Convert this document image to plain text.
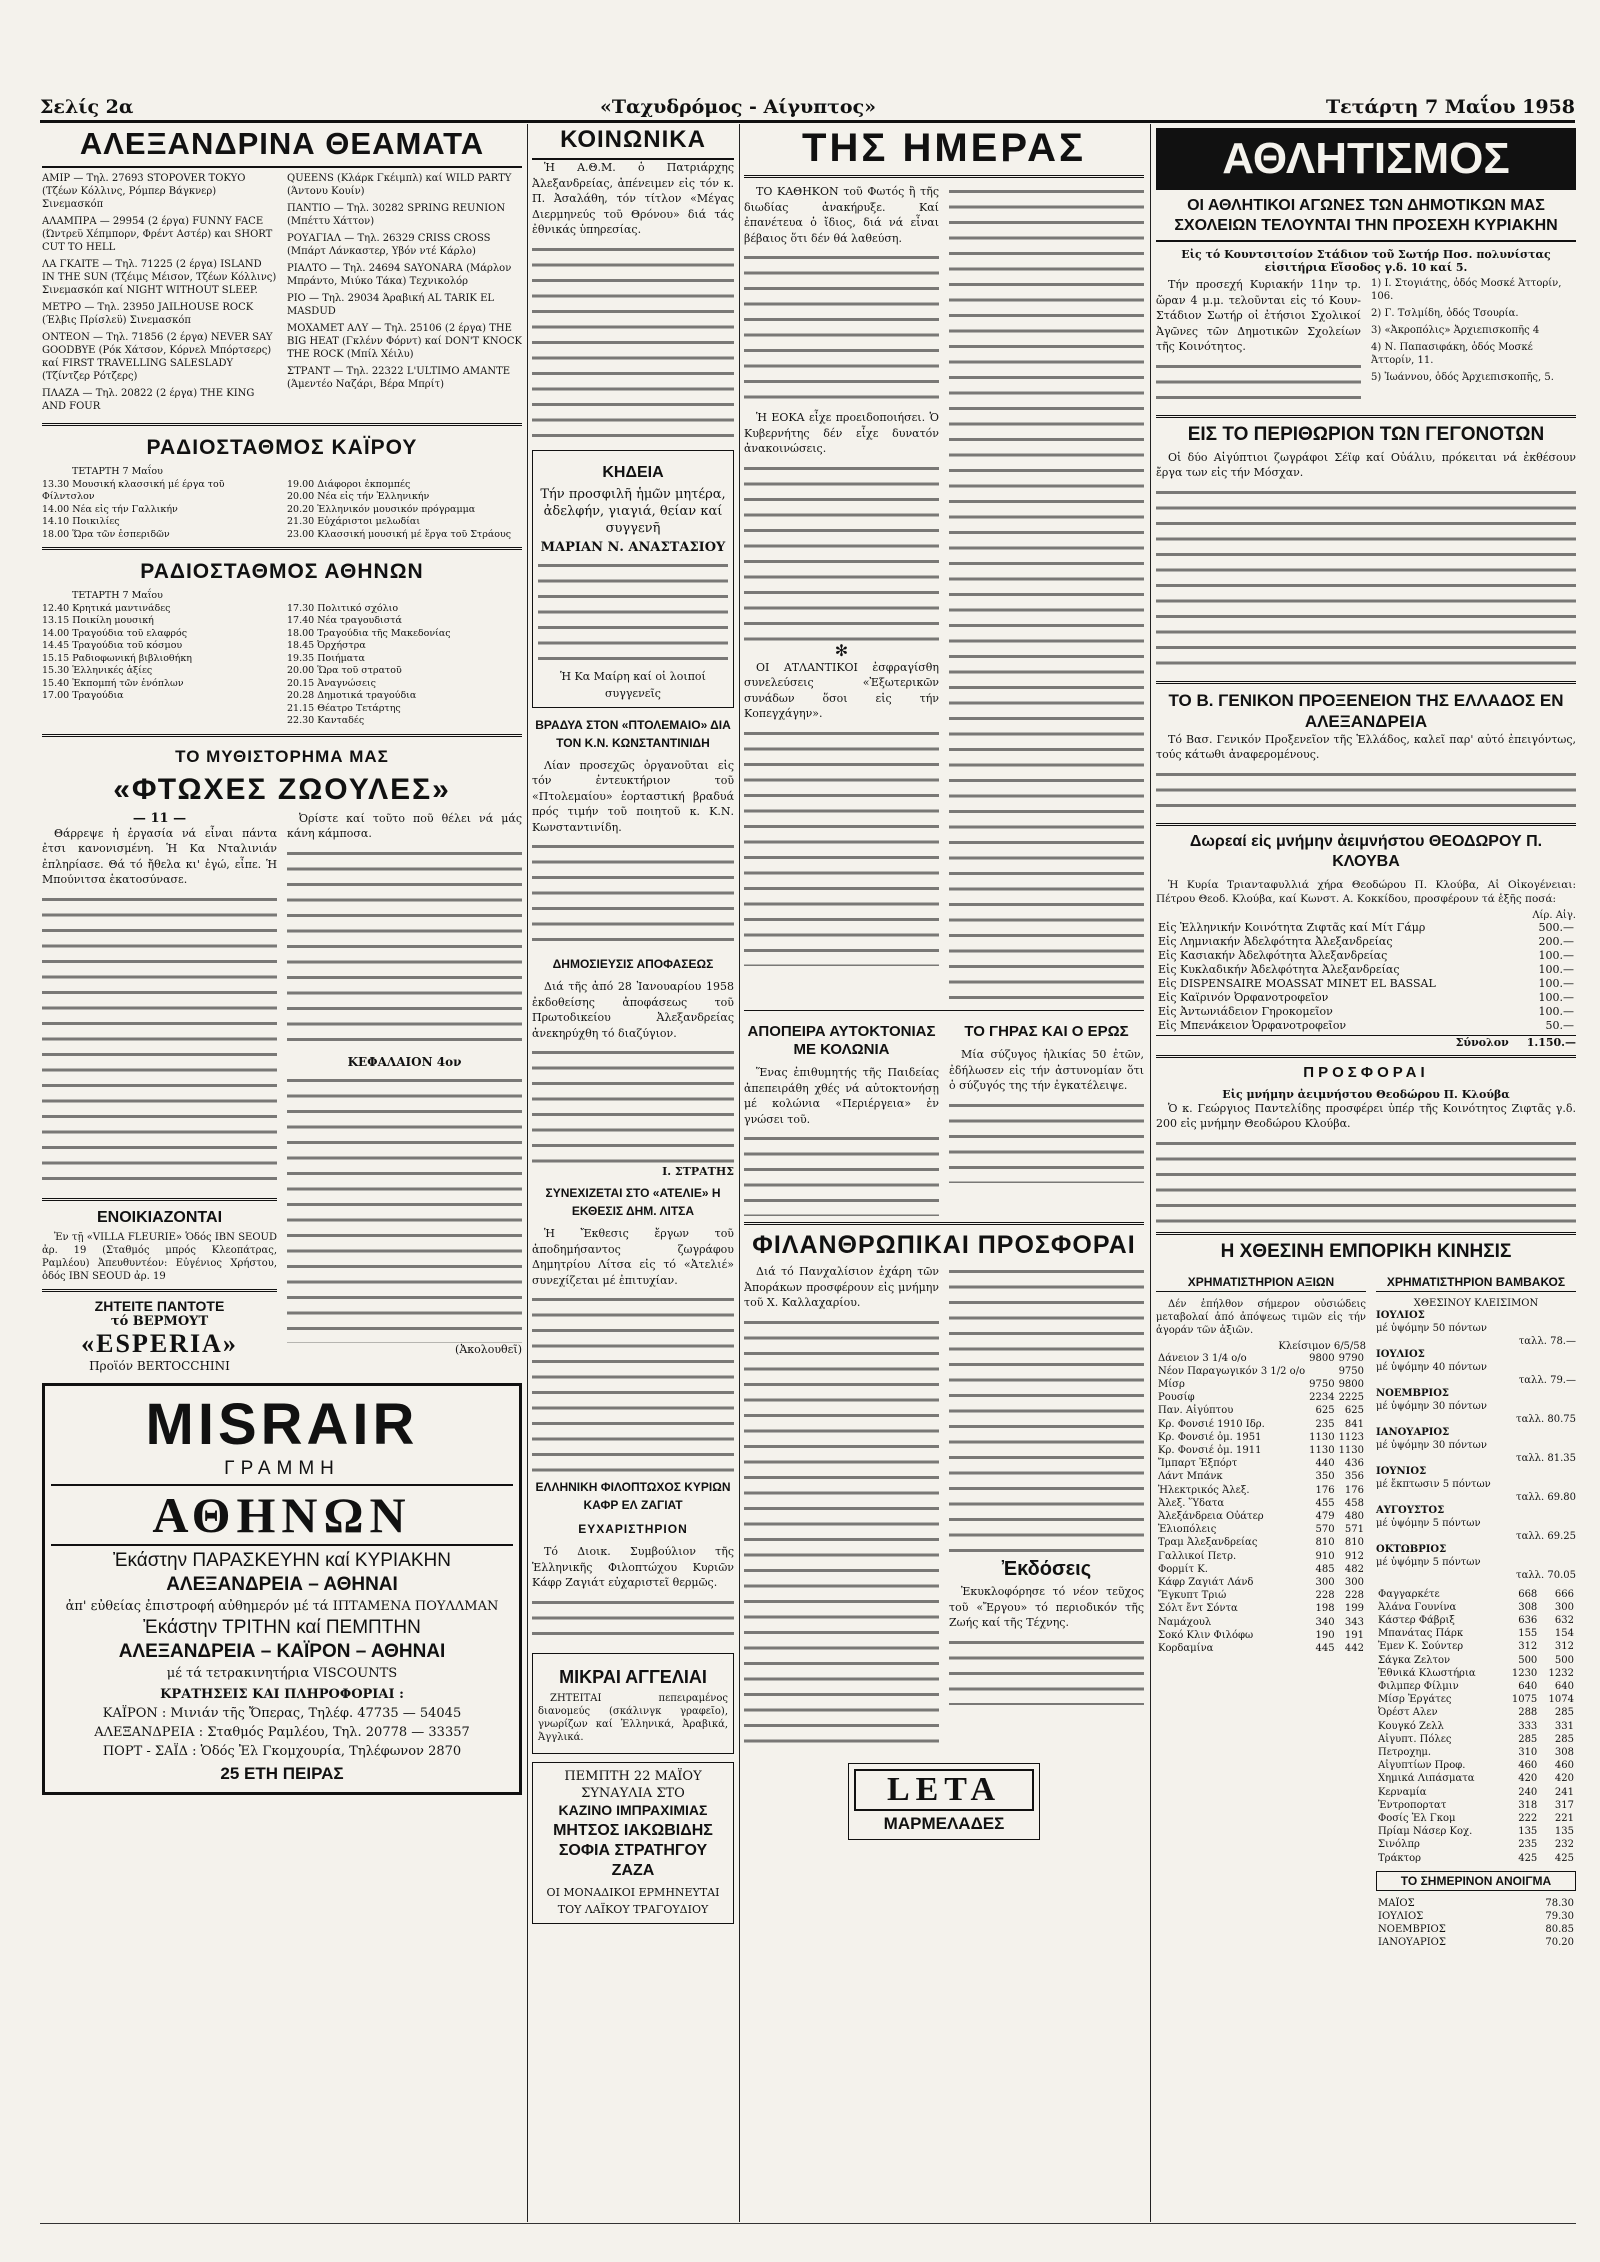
Σελίς 2α	«Ταχυδρόμος - Αίγυπτος»	Τετάρτη 7 Μαΐου 1958
ΑΛΕΞΑΝΔΡΙΝΑ ΘΕΑΜΑΤΑ
ΑΜΙΡ — Τηλ. 27693 STOPOVER TOKYO (Τζέων Κόλλινς, Ρόμπερ Βάγκνερ) Σινεμασκόπ
ΑΛΑΜΠΡΑ — 29954 (2 έργα) FUNNY FACE (Ώντρεϋ Χέπμπορν, Φρέντ Αστέρ) και SHORT CUT TO HELL
ΛΑ ΓΚΑΙΤΕ — Τηλ. 71225 (2 έργα) ISLAND IN THE SUN (Τζέιμς Μέισον, Τζέων Κόλλινς) Σινεμασκόπ καί NIGHT WITHOUT SLEEP.
ΜΕΤΡΟ — Τηλ. 23950 JAILHOUSE ROCK (Έλβις Πρίσλεϋ) Σινεμασκόπ
ΟΝΤΕΟΝ — Τηλ. 71856 (2 έργα) NEVER SAY GOODBYE (Ρόκ Χάτσον, Κόρνελ Μπόρτσερς) καί FIRST TRAVELLING SALESLADY (Τζίντζερ Ρότζερς)
ΠΛΑΖΑ — Τηλ. 20822 (2 έργα) THE KING AND FOUR
QUEENS (Κλάρκ Γκέιμπλ) καί WILD PARTY (Άντονυ Κουίν)
ΠΑΝΤΙΟ — Τηλ. 30282 SPRING REUNION (Μπέττυ Χάττον)
ΡΟΥΑΓΙΑΛ — Τηλ. 26329 CRISS CROSS (Μπάρτ Λάνκαστερ, Υβόν ντέ Κάρλο)
ΡΙΑΛΤΟ — Τηλ. 24694 SAYONARA (Μάρλον Μπράντο, Μιύκο Τάκα) Τεχνικολόρ
ΡΙΟ — Τηλ. 29034 Άραβική AL TARIK EL MASDUD
ΜΟΧΑΜΕΤ ΑΛΥ — Τηλ. 25106 (2 έργα) THE BIG HEAT (Γκλένν Φόρντ) καί DON'T KNOCK THE ROCK (Μπίλ Χέιλυ)
ΣΤΡΑΝΤ — Τηλ. 22322 L'ULTIMO AMANTE (Άμεντέο Ναζάρι, Βέρα Μπρίτ)
ΡΑΔΙΟΣΤΑΘΜΟΣ ΚΑΪΡΟΥ
ΤΕΤΑΡΤΗ 7 Μαΐου
13.30 Μουσική κλασσική μέ έργα τοῦ Φίλντσλον
14.00 Νέα εἰς τήν Γαλλικήν
14.10 Ποικιλίες
18.00 Ὥρα τῶν ἐσπεριδῶν
19.00 Διάφοροι ἐκπομπές
20.00 Νέα εἰς τήν Ἑλληνικήν
20.20 Ἑλληνικόν μουσικόν πρόγραμμα
21.30 Εὐχάριστοι μελωδίαι
23.00 Κλασσική μουσική μέ ἔργα τοῦ Στράους
ΡΑΔΙΟΣΤΑΘΜΟΣ ΑΘΗΝΩΝ
ΤΕΤΑΡΤΗ 7 Μαΐου
12.40 Κρητικά μαντινάδες
13.15 Ποικίλη μουσική
14.00 Τραγούδια τοῦ ελαφρός
14.45 Τραγούδια τοῦ κόσμου
15.15 Ραδιοφωνική βιβλιοθήκη
15.30 Ἑλληνικές ἀξίες
15.40 Ἐκπομπή τῶν ἐνόπλων
17.00 Τραγούδια
17.30 Πολιτικό σχόλιο
17.40 Νέα τραγουδιστά
18.00 Τραγούδια τῆς Μακεδονίας
18.45 Ὀρχήστρα
19.35 Ποιήματα
20.00 Ὥρα τοῦ στρατοῦ
20.15 Ἀναγνώσεις
20.28 Δημοτικά τραγούδια
21.15 Θέατρο Τετάρτης
22.30 Κανταδές
ΤΟ ΜΥΘΙΣΤΟΡΗΜΑ ΜΑΣ
«ΦΤΩΧΕΣ ΖΩΟΥΛΕΣ»
— 11 —

Θάρρεψε ἡ ἐργασία νά εἶναι πάντα ἐτσι κανονισμένη. Ἡ Κα Νταλινιάν ἐπληρίασε. Θά τό ἤθελα κι' ἐγώ, εἶπε. Ἡ Μπούνιτσα ἑκατοσύνασε.

ΕΝΟΙΚΙΑΖΟΝΤΑΙ

Ἐν τῇ «VILLA FLEURIE» Ὁδός ΙΒΝ SEOUD ἀρ. 19 (Σταθμός μπρός Κλεοπάτρας, Ραμλέου) Ἀπευθυντέον: Εὐγένιος Χρήστου, ὁδός ΙΒΝ SEOUD ἀρ. 19

ΖΗΤΕΙΤΕ ΠΑΝΤΟΤΕ
τό ΒΕΡΜΟΥΤ
«ESPERIA»
Προϊόν BERTOCCHINI

Ὀρίστε καί τοῦτο ποῦ θέλει νά μάς κάνη κάμποσα.

ΚΕΦΑΛΑΙΟΝ 4ον
(Ἀκολουθεῖ)
MISRAIR
ΓΡΑΜΜΗ
ΑΘΗΝΩΝ
Ἐκάστην ΠΑΡΑΣΚΕΥΗΝ καί ΚΥΡΙΑΚΗΝ
ΑΛΕΞΑΝΔΡΕΙΑ – ΑΘΗΝΑΙ
ἀπ' εὐθείας ἐπιστροφή αὐθημερόν μέ τά ΙΠΤΑΜΕΝΑ ΠΟΥΛΛΜΑΝ
Ἐκάστην ΤΡΙΤΗΝ καί ΠΕΜΠΤΗΝ
ΑΛΕΞΑΝΔΡΕΙΑ – ΚΑΪΡΟΝ – ΑΘΗΝΑΙ
μέ τά τετρακινητήρια VISCOUNTS
ΚΡΑΤΗΣΕΙΣ ΚΑΙ ΠΛΗΡΟΦΟΡΙΑΙ :
ΚΑΪΡΟΝ : Μινιάν τῆς Ὄπερας, Τηλέφ. 47735 — 54045
ΑΛΕΞΑΝΔΡΕΙΑ : Σταθμός Ραμλέου, Τηλ. 20778 — 33357
ΠΟΡΤ - ΣΑΪΔ : Ὁδός Ἐλ Γκομχουρία, Τηλέφωνον 2870
25 ΕΤΗ ΠΕΙΡΑΣ
ΚΟΙΝΩΝΙΚΑ

Ἡ Α.Θ.Μ. ὁ Πατριάρχης Ἀλεξανδρείας, ἀπένειμεν εἰς τόν κ. Π. Ἀσαλάθη, τόν τίτλον «Μέγας Διερμηνεύς τοῦ Θρόνου» διά τάς ἐθνικάς ὑπηρεσίας.

ΚΗΔΕΙΑ
Τήν προσφιλῆ ἡμῶν μητέρα, ἀδελφήν, γιαγιά, θείαν καί συγγενῆ
ΜΑΡΙΑΝ Ν. ΑΝΑΣΤΑΣΙΟΥ
Ἡ Κα Μαίρη καί οἱ λοιποί συγγενεῖς
ΒΡΑΔΥΑ ΣΤΟΝ «ΠΤΟΛΕΜΑΙΟ» ΔΙΑ ΤΟΝ Κ.Ν. ΚΩΝΣΤΑΝΤΙΝΙΔΗ

Λίαν προσεχῶς ὀργανοῦται εἰς τόν ἐντευκτήριον τοῦ «Πτολεμαίου» ἑορταστική βραδυά πρός τιμήν τοῦ ποιητοῦ κ. Κ.Ν. Κωνσταντινίδη.

ΔΗΜΟΣΙΕΥΣΙΣ ΑΠΟΦΑΣΕΩΣ

Διά τῆς ἀπό 28 Ἰανουαρίου 1958 ἐκδοθείσης ἀποφάσεως τοῦ Πρωτοδικείου Ἀλεξανδρείας ἀνεκηρύχθη τό διαζύγιον.

Ι. ΣΤΡΑΤΗΣ
ΣΥΝΕΧΙΖΕΤΑΙ ΣΤΟ «ΑΤΕΛΙΕ» Η ΕΚΘΕΣΙΣ ΔΗΜ. ΛΙΤΣΑ

Ἡ Ἔκθεσις ἔργων τοῦ ἀποδημήσαντος ζωγράφου Δημητρίου Λίτσα εἰς τό «Ἀτελιέ» συνεχίζεται μέ ἐπιτυχίαν.

ΕΛΛΗΝΙΚΗ ΦΙΛΟΠΤΩΧΟΣ ΚΥΡΙΩΝ ΚΑΦΡ ΕΛ ΖΑΓΙΑΤ
ΕΥΧΑΡΙΣΤΗΡΙΟΝ

Τό Διοικ. Συμβούλιον τῆς Ἑλληνικῆς Φιλοπτώχου Κυριῶν Κάφρ Ζαγιάτ εὐχαριστεῖ θερμῶς.

ΜΙΚΡΑΙ ΑΓΓΕΛΙΑΙ

ΖΗΤΕΙΤΑΙ πεπειραμένος διανομεύς (σκάλινγκ γραφεῖο), γνωρίζων καί Ἑλληνικά, Ἀραβικά, Ἀγγλικά.

ΠΕΜΠΤΗ 22 ΜΑΪΟΥ
ΣΥΝΑΥΛΙΑ ΣΤΟ
ΚΑΖΙΝΟ ΙΜΠΡΑΧΙΜΙΑΣ
ΜΗΤΣΟΣ ΙΑΚΩΒΙΔΗΣ ΣΟΦΙΑ ΣΤΡΑΤΗΓΟΥ ΖΑΖΑ
ΟΙ ΜΟΝΑΔΙΚΟΙ ΕΡΜΗΝΕΥΤΑΙ ΤΟΥ ΛΑΪΚΟΥ ΤΡΑΓΟΥΔΙΟΥ
ΤΗΣ ΗΜΕΡΑΣ

ΤΟ ΚΑΘΗΚΟΝ τοῦ Φωτός ἢ τῆς διωδίας ἀνακήρυξε. Καί ἐπανέτευα ὁ ἴδιος, διά νά εἶναι βέβαιος ὅτι δέν θά λαθεύση.

Ἡ ΕΟΚΑ εἶχε προειδοποιήσει. Ὁ Κυβερνήτης δέν εἶχε δυνατόν ἀνακοινώσεις.

✻

ΟΙ ΑΤΛΑΝΤΙΚΟΙ ἐσφραγίσθη συνελεύσεις «Ἐξωτερικῶν συνάδων ὅσοι εἰς τήν Κοπεγχάγην».

ΑΠΟΠΕΙΡΑ ΑΥΤΟΚΤΟΝΙΑΣ ΜΕ ΚΟΛΩΝΙΑ

Ἕνας ἐπιθυμητής τῆς Παιδείας ἀπεπειράθη χθές νά αὐτοκτονήσῃ μέ κολώνια «Περιέργεια» ἐν γνώσει τοῦ.

ΤΟ ΓΗΡΑΣ ΚΑΙ Ο ΕΡΩΣ

Μία σύζυγος ἡλικίας 50 ἐτῶν, ἐδήλωσεν εἰς τήν ἀστυνομίαν ὅτι ὁ σύζυγός της τήν ἐγκατέλειψε.

ΦΙΛΑΝΘΡΩΠΙΚΑΙ ΠΡΟΣΦΟΡΑΙ

Διά τό Πανχαλίσιον ἐχάρη τῶν Ἀποράκων προσφέρουν εἰς μνήμην τοῦ Χ. Καλλαχαρίου.

Ἐκδόσεις

Ἐκυκλοφόρησε τό νέον τεῦχος τοῦ «Ἔργου» τό περιοδικόν τῆς Ζωής καί τῆς Τέχνης.

LETA
ΜΑΡΜΕΛΑΔΕΣ
ΑΘΛΗΤΙΣΜΟΣ
ΟΙ ΑΘΛΗΤΙΚΟΙ ΑΓΩΝΕΣ ΤΩΝ ΔΗΜΟΤΙΚΩΝ ΜΑΣ ΣΧΟΛΕΙΩΝ ΤΕΛΟΥΝΤΑΙ ΤΗΝ ΠΡΟΣΕΧΗ ΚΥΡΙΑΚΗΝ
Εἰς τό Κουντσιτσίον Στάδιον τοῦ Σωτήρ Ποσ. πολυνίστας εἰσιτήρια Εἴσοδος γ.δ. 10 καί 5.

Τήν προσεχή Κυριακήν 11ην τρ. ὥραν 4 μ.μ. τελοῦνται εἰς τό Κουν-Στάδιον Σωτήρ οἱ ἐτήσιοι Σχολικοί Ἀγῶνες τῶν Δημοτικῶν Σχολείων τῆς Κοινότητος.

1) Ι. Στογιάτης, ὁδός Μοσκέ Ἀττορίν, 106.
2) Γ. Τσλμίδη, ὁδός Τσουρία.
3) «Ἀκροπόλις» Ἀρχιεπισκοπῆς 4
4) Ν. Παπασιφάκη, ὁδός Μοσκέ Ἀττορίν, 11.
5) Ἰωάννου, ὁδός Ἀρχιεπισκοπῆς, 5.
ΕΙΣ ΤΟ ΠΕΡΙΘΩΡΙΟΝ ΤΩΝ ΓΕΓΟΝΟΤΩΝ

Οἱ δύο Αἰγύπτιοι ζωγράφοι Σέϊφ καί Οὐάλιυ, πρόκειται νά ἐκθέσουν ἔργα των εἰς τήν Μόσχαν.

ΤΟ Β. ΓΕΝΙΚΟΝ ΠΡΟΞΕΝΕΙΟΝ ΤΗΣ ΕΛΛΑΔΟΣ ΕΝ ΑΛΕΞΑΝΔΡΕΙΑ

Τό Βασ. Γενικόν Προξενεῖον τῆς Ἑλλάδος, καλεῖ παρ' αὐτό ἐπειγόντως, τούς κάτωθι ἀναφερομένους.

Δωρεαί εἰς μνήμην ἀειμνήστου ΘΕΟΔΩΡΟΥ Π. ΚΛΟΥΒΑ

Ἡ Κυρία Τριανταφυλλιά χήρα Θεοδώρου Π. Κλούβα, Αἱ Οἰκογένειαι: Πέτρου Θεοδ. Κλούβα, καί Κωνστ. Α. Κοκκίδου, προσφέρουν τά ἑξῆς ποσά:

Λίρ. Αἰγ.
Εἰς Ἑλληνικήν Κοινότητα Ζιφτᾶς καί Μίτ Γάμρ	500.—
Εἰς Λημνιακήν Ἀδελφότητα Ἀλεξανδρείας	200.—
Εἰς Κασιακήν Ἀδελφότητα Ἀλεξανδρείας	100.—
Εἰς Κυκλαδικήν Ἀδελφότητα Ἀλεξανδρείας	100.—
Εἰς DISPENSAIRE MOASSAT MINET EL BASSAL	100.—
Εἰς Καϊρινόν Ὀρφανοτροφεῖον	100.—
Εἰς Ἀντωνιάδειον Γηροκομεῖον	100.—
Εἰς Μπενάκειον Ὀρφανοτροφεῖον	50.—
Σύνολον 1.150.—
ΠΡΟΣΦΟΡΑΙ
Εἰς μνήμην ἀειμνήστου Θεοδώρου Π. Κλούβα

Ὁ κ. Γεώργιος Παντελίδης προσφέρει ὑπέρ τῆς Κοινότητος Ζιφτᾶς γ.δ. 200 εἰς μνήμην Θεοδώρου Κλούβα.

Η ΧΘΕΣΙΝΗ ΕΜΠΟΡΙΚΗ ΚΙΝΗΣΙΣ
ΧΡΗΜΑΤΙΣΤΗΡΙΟΝ ΑΞΙΩΝ

Δέν ἐπήλθον σήμερον οὐσιώδεις μεταβολαί ἀπό ἀπόψεως τιμῶν εἰς τήν ἀγοράν τῶν ἀξιῶν.

Κλείσιμον 6/5/58
Δάνειον 3 1/4 ο/ο	9800	9790
Νέον Παραγωγικόν 3 1/2 ο/ο		9750
Μίσρ	9750	9800
Ρουσίφ	2234	2225
Παν. Αἰγύπτου	625	625
Κρ. Φονσιέ 1910 Ιδρ.	235	841
Κρ. Φονσιέ ὀμ. 1951	1130	1123
Κρ. Φονσιέ ὀμ. 1911	1130	1130
Ἴμπαρτ Ἐξπόρτ	440	436
Λάντ Μπάνκ	350	356
Ἡλεκτρικός Ἀλεξ.	176	176
Ἀλεξ. Ὕδατα	455	458
Ἀλεξάνδρεια Οὐάτερ	479	480
Ἑλιοπόλεις	570	571
Τραμ Ἀλεξανδρείας	810	810
Γαλλικοί Πετρ.	910	912
Φορμίτ Κ.	485	482
Κάφρ Ζαγιάτ Λάνδ	300	300
Ἔγκυπτ Τριώ	228	228
Σόλτ ἔντ Σόντα	198	199
Ναμάχουλ	340	343
Σοκό Κλιν Φιλόφω	190	191
Κορδαμίνα	445	442
ΧΡΗΜΑΤΙΣΤΗΡΙΟΝ ΒΑΜΒΑΚΟΣ
ΧΘΕΣΙΝΟΥ ΚΛΕΙΣΙΜΟΝ
ΙΟΥΛΙΟΣ
μέ ὑψόμην 50 πόντων
ταλλ. 78.—
ΙΟΥΛΙΟΣ
μέ ὑψόμην 40 πόντων
ταλλ. 79.—
ΝΟΕΜΒΡΙΟΣ
μέ ὑψόμην 30 πόντων
ταλλ. 80.75
ΙΑΝΟΥΑΡΙΟΣ
μέ ὑψόμην 30 πόντων
ταλλ. 81.35
ΙΟΥΝΙΟΣ
μέ ἔκπτωσιν 5 πόντων
ταλλ. 69.80
ΑΥΓΟΥΣΤΟΣ
μέ ὑψόμην 5 πόντων
ταλλ. 69.25
ΟΚΤΩΒΡΙΟΣ
μέ ὑψόμην 5 πόντων
ταλλ. 70.05
Φαγγαρκέτε	668	666
Ἀλάνα Γουνίνα	308	300
Κάστερ Φάβριξ	636	632
Μπανάτας Πάρκ	155	154
Ἐμεν Κ. Σούντερ	312	312
Σάγκα Ζελτον	500	500
Ἐθνικά Κλωστήρια	1230	1232
Φιλμπερ Φίλμιν	640	640
Μίσρ Ἐργάτες	1075	1074
Ὀρέστ Αλεν	288	285
Κουγκό Ζελλ	333	331
Αἰγυπτ. Πόλες	285	285
Πετροχημ.	310	308
Αἰγυπτίων Προφ.	460	460
Χημικά Λιπάσματα	420	420
Κερναμία	240	241
Ἐντροπορτατ	318	317
Φοσίς Ἐλ Γκομ	222	221
Πρίαμ Νάσερ Κοχ.	135	135
Σινόλπρ	235	232
Τράκτορ	425	425
ΤΟ ΣΗΜΕΡΙΝΟΝ ΑΝΟΙΓΜΑ
ΜΑΪΟΣ	78.30
ΙΟΥΛΙΟΣ	79.30
ΝΟΕΜΒΡΙΟΣ	80.85
ΙΑΝΟΥΑΡΙΟΣ	70.20
